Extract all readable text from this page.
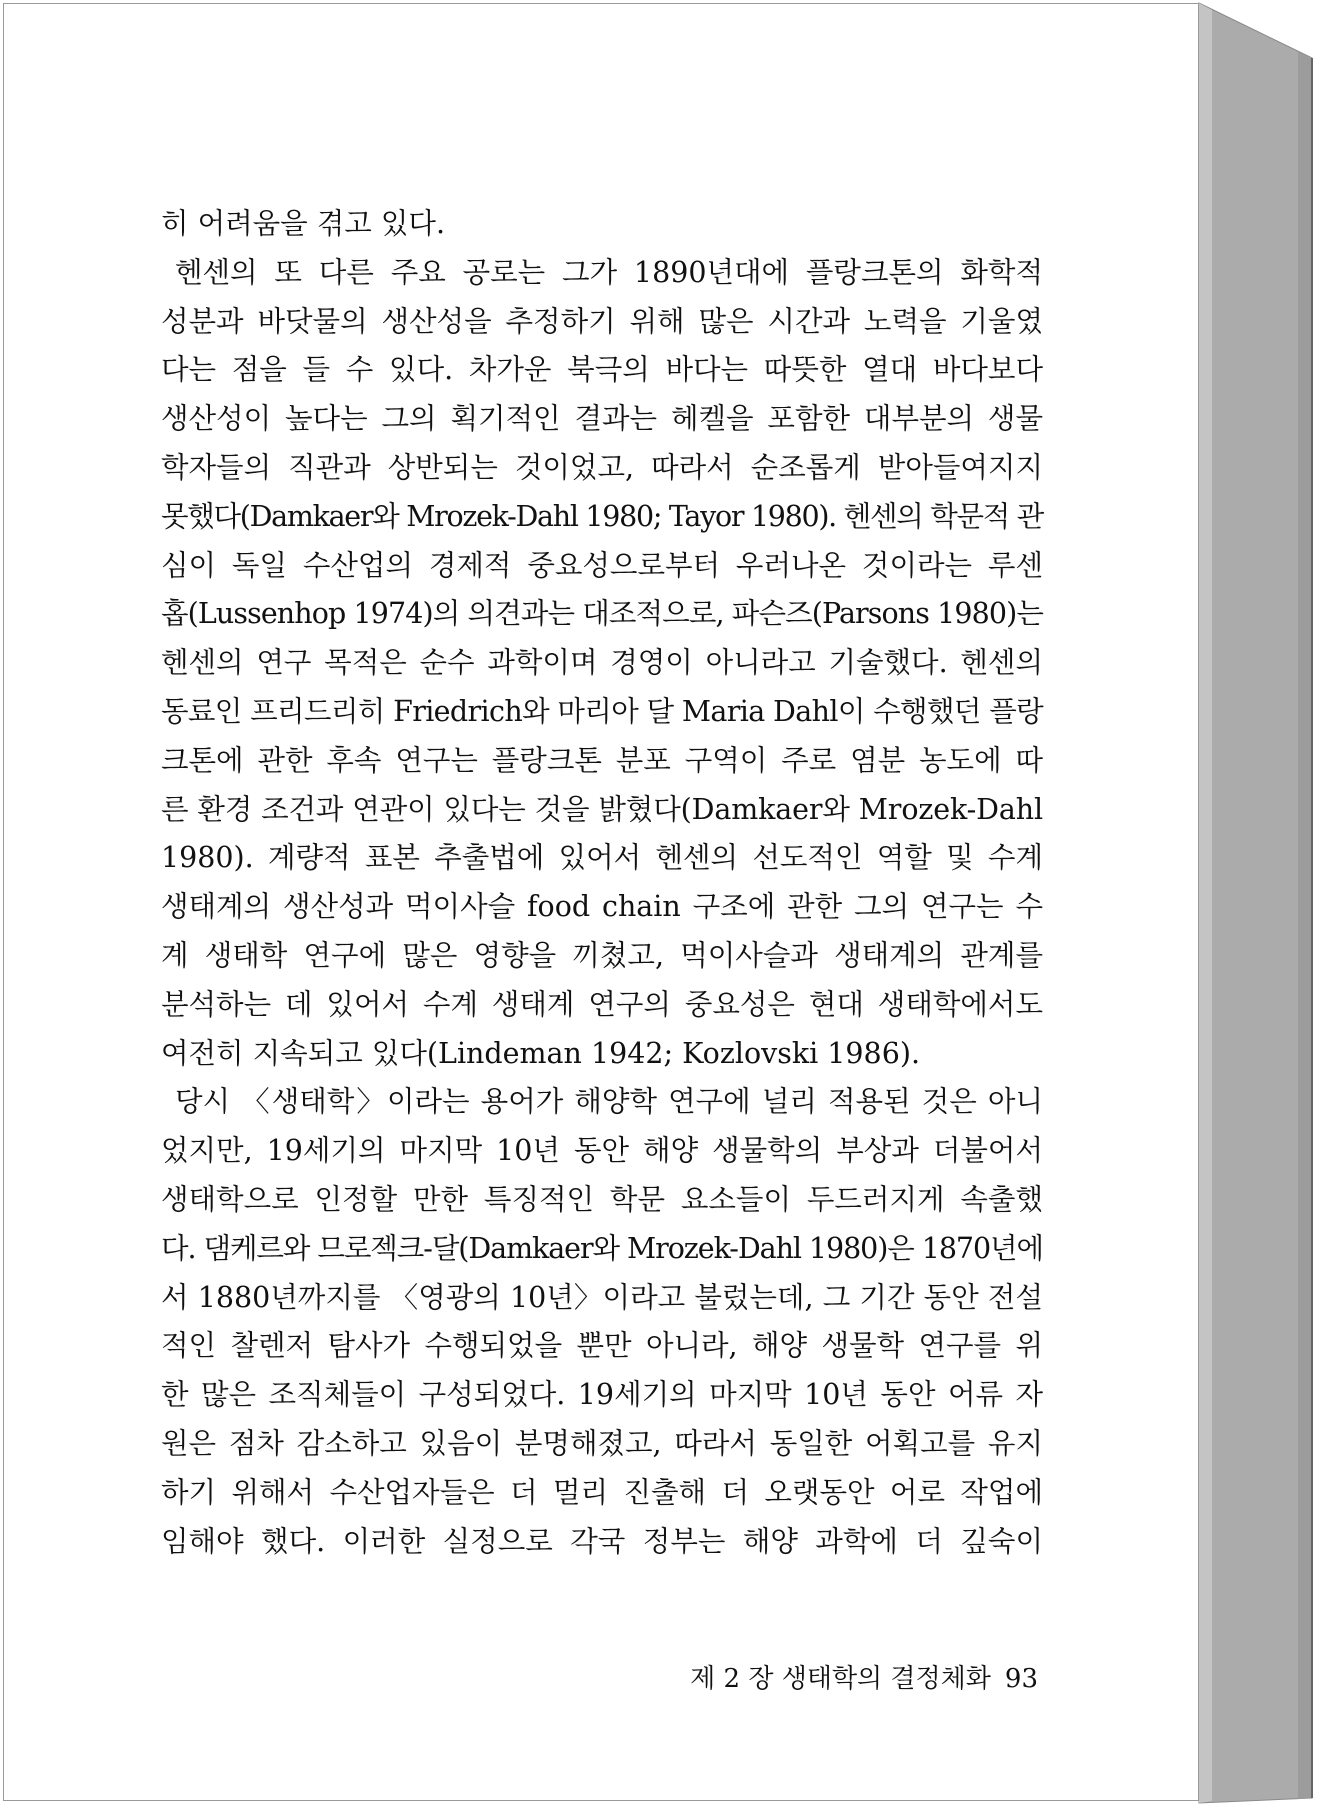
히 어려움을 겪고 있다.
헨센의 또 다른 주요 공로는 그가 1890년대에 플랑크톤의 화학적
성분과 바닷물의 생산성을 추정하기 위해 많은 시간과 노력을 기울였
다는 점을 들 수 있다. 차가운 북극의 바다는 따뜻한 열대 바다보다
생산성이 높다는 그의 획기적인 결과는 헤켈을 포함한 대부분의 생물
학자들의 직관과 상반되는 것이었고, 따라서 순조롭게 받아들여지지
못했다(Damkaer와 Mrozek-Dahl 1980; Tayor 1980). 헨센의 학문적 관
심이 독일 수산업의 경제적 중요성으로부터 우러나온 것이라는 루센
홉(Lussenhop 1974)의 의견과는 대조적으로, 파슨즈(Parsons 1980)는
헨센의 연구 목적은 순수 과학이며 경영이 아니라고 기술했다. 헨센의
동료인 프리드리히 Friedrich와 마리아 달 Maria Dahl이 수행했던 플랑
크톤에 관한 후속 연구는 플랑크톤 분포 구역이 주로 염분 농도에 따
른 환경 조건과 연관이 있다는 것을 밝혔다(Damkaer와 Mrozek-Dahl
1980). 계량적 표본 추출법에 있어서 헨센의 선도적인 역할 및 수계
생태계의 생산성과 먹이사슬 food chain 구조에 관한 그의 연구는 수
계 생태학 연구에 많은 영향을 끼쳤고, 먹이사슬과 생태계의 관계를
분석하는 데 있어서 수계 생태계 연구의 중요성은 현대 생태학에서도
여전히 지속되고 있다(Lindeman 1942; Kozlovski 1986).
당시 〈생태학〉이라는 용어가 해양학 연구에 널리 적용된 것은 아니
었지만, 19세기의 마지막 10년 동안 해양 생물학의 부상과 더불어서
생태학으로 인정할 만한 특징적인 학문 요소들이 두드러지게 속출했
다. 댐케르와 므로젝크-달(Damkaer와 Mrozek-Dahl 1980)은 1870년에
서 1880년까지를 〈영광의 10년〉이라고 불렀는데, 그 기간 동안 전설
적인 찰렌저 탐사가 수행되었을 뿐만 아니라, 해양 생물학 연구를 위
한 많은 조직체들이 구성되었다. 19세기의 마지막 10년 동안 어류 자
원은 점차 감소하고 있음이 분명해졌고, 따라서 동일한 어획고를 유지
하기 위해서 수산업자들은 더 멀리 진출해 더 오랫동안 어로 작업에
임해야 했다. 이러한 실정으로 각국 정부는 해양 과학에 더 깊숙이
제 2 장 생태학의 결정체화 93
